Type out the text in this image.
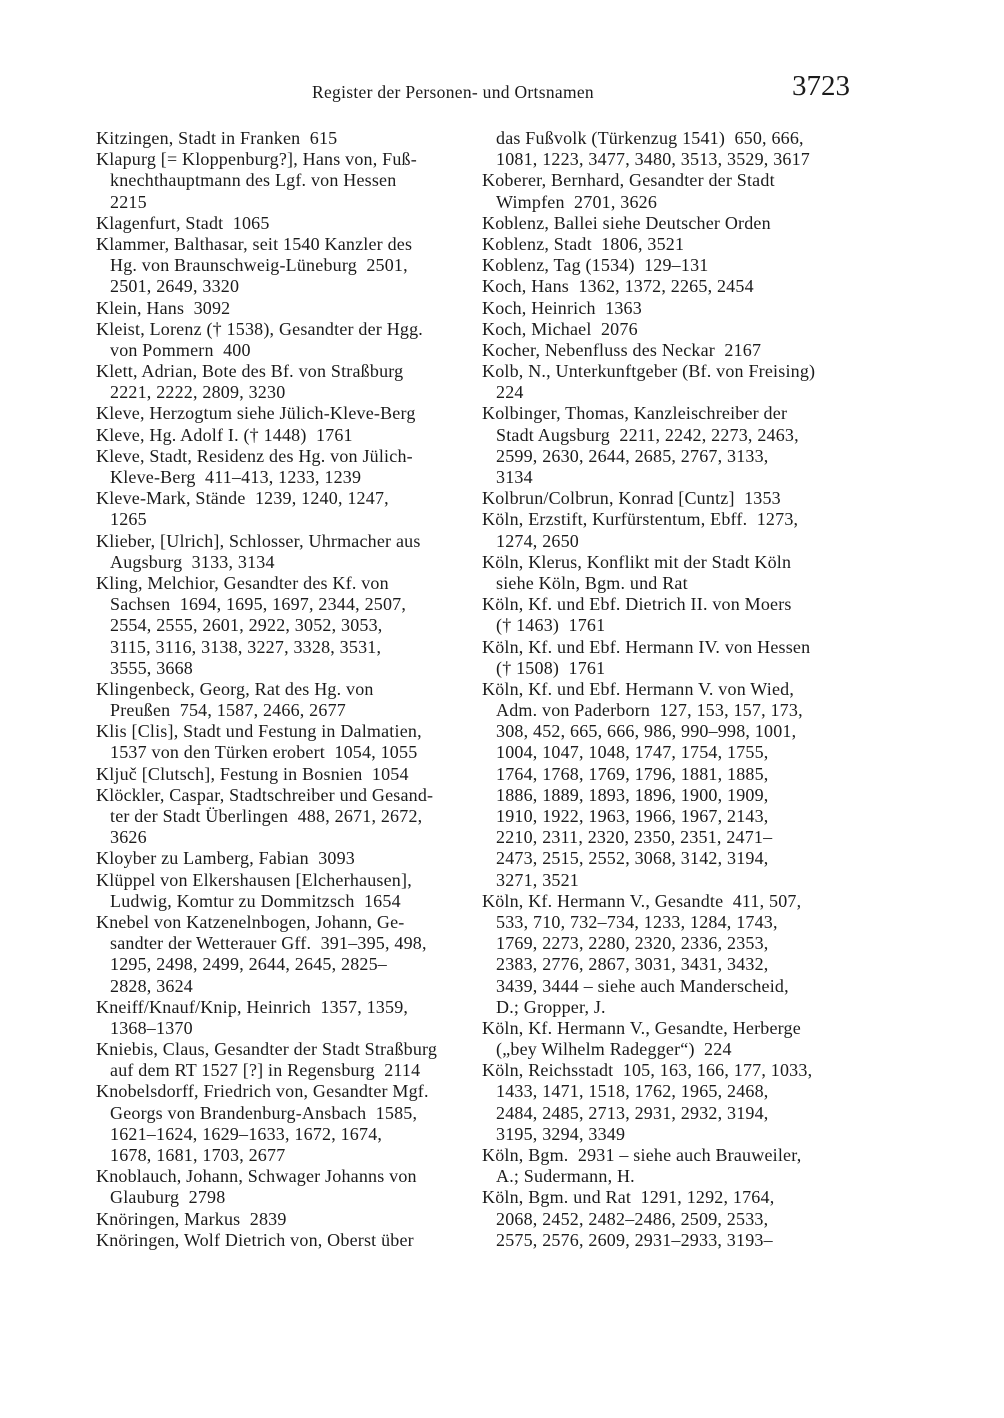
Register der Personen- und Ortsnamen	3723
Kitzingen, Stadt in Franken  615
Klapurg [= Kloppenburg?], Hans von, Fuß-
knechthauptmann des Lgf. von Hessen
2215
Klagenfurt, Stadt  1065
Klammer, Balthasar, seit 1540 Kanzler des
Hg. von Braunschweig-Lüneburg  2501,
2501, 2649, 3320
Klein, Hans  3092
Kleist, Lorenz († 1538), Gesandter der Hgg.
von Pommern  400
Klett, Adrian, Bote des Bf. von Straßburg
2221, 2222, 2809, 3230
Kleve, Herzogtum siehe Jülich-Kleve-Berg
Kleve, Hg. Adolf I. († 1448)  1761
Kleve, Stadt, Residenz des Hg. von Jülich-
Kleve-Berg  411–413, 1233, 1239
Kleve-Mark, Stände  1239, 1240, 1247,
1265
Klieber, [Ulrich], Schlosser, Uhrmacher aus
Augsburg  3133, 3134
Kling, Melchior, Gesandter des Kf. von
Sachsen  1694, 1695, 1697, 2344, 2507,
2554, 2555, 2601, 2922, 3052, 3053,
3115, 3116, 3138, 3227, 3328, 3531,
3555, 3668
Klingenbeck, Georg, Rat des Hg. von
Preußen  754, 1587, 2466, 2677
Klis [Clis], Stadt und Festung in Dalmatien,
1537 von den Türken erobert  1054, 1055
Ključ [Clutsch], Festung in Bosnien  1054
Klöckler, Caspar, Stadtschreiber und Gesand-
ter der Stadt Überlingen  488, 2671, 2672,
3626
Kloyber zu Lamberg, Fabian  3093
Klüppel von Elkershausen [Elcherhausen],
Ludwig, Komtur zu Dommitzsch  1654
Knebel von Katzenelnbogen, Johann, Ge-
sandter der Wetterauer Gff.  391–395, 498,
1295, 2498, 2499, 2644, 2645, 2825–
2828, 3624
Kneiff/Knauf/Knip, Heinrich  1357, 1359,
1368–1370
Kniebis, Claus, Gesandter der Stadt Straßburg
auf dem RT 1527 [?] in Regensburg  2114
Knobelsdorff, Friedrich von, Gesandter Mgf.
Georgs von Brandenburg-Ansbach  1585,
1621–1624, 1629–1633, 1672, 1674,
1678, 1681, 1703, 2677
Knoblauch, Johann, Schwager Johanns von
Glauburg  2798
Knöringen, Markus  2839
Knöringen, Wolf Dietrich von, Oberst über
das Fußvolk (Türkenzug 1541)  650, 666,
1081, 1223, 3477, 3480, 3513, 3529, 3617
Koberer, Bernhard, Gesandter der Stadt
Wimpfen  2701, 3626
Koblenz, Ballei siehe Deutscher Orden
Koblenz, Stadt  1806, 3521
Koblenz, Tag (1534)  129–131
Koch, Hans  1362, 1372, 2265, 2454
Koch, Heinrich  1363
Koch, Michael  2076
Kocher, Nebenfluss des Neckar  2167
Kolb, N., Unterkunftgeber (Bf. von Freising)
224
Kolbinger, Thomas, Kanzleischreiber der
Stadt Augsburg  2211, 2242, 2273, 2463,
2599, 2630, 2644, 2685, 2767, 3133,
3134
Kolbrun/Colbrun, Konrad [Cuntz]  1353
Köln, Erzstift, Kurfürstentum, Ebff.  1273,
1274, 2650
Köln, Klerus, Konflikt mit der Stadt Köln
siehe Köln, Bgm. und Rat
Köln, Kf. und Ebf. Dietrich II. von Moers
(† 1463)  1761
Köln, Kf. und Ebf. Hermann IV. von Hessen
(† 1508)  1761
Köln, Kf. und Ebf. Hermann V. von Wied,
Adm. von Paderborn  127, 153, 157, 173,
308, 452, 665, 666, 986, 990–998, 1001,
1004, 1047, 1048, 1747, 1754, 1755,
1764, 1768, 1769, 1796, 1881, 1885,
1886, 1889, 1893, 1896, 1900, 1909,
1910, 1922, 1963, 1966, 1967, 2143,
2210, 2311, 2320, 2350, 2351, 2471–
2473, 2515, 2552, 3068, 3142, 3194,
3271, 3521
Köln, Kf. Hermann V., Gesandte  411, 507,
533, 710, 732–734, 1233, 1284, 1743,
1769, 2273, 2280, 2320, 2336, 2353,
2383, 2776, 2867, 3031, 3431, 3432,
3439, 3444 – siehe auch Manderscheid,
D.; Gropper, J.
Köln, Kf. Hermann V., Gesandte, Herberge
(„bey Wilhelm Radegger“)  224
Köln, Reichsstadt  105, 163, 166, 177, 1033,
1433, 1471, 1518, 1762, 1965, 2468,
2484, 2485, 2713, 2931, 2932, 3194,
3195, 3294, 3349
Köln, Bgm.  2931 – siehe auch Brauweiler,
A.; Sudermann, H.
Köln, Bgm. und Rat  1291, 1292, 1764,
2068, 2452, 2482–2486, 2509, 2533,
2575, 2576, 2609, 2931–2933, 3193–
